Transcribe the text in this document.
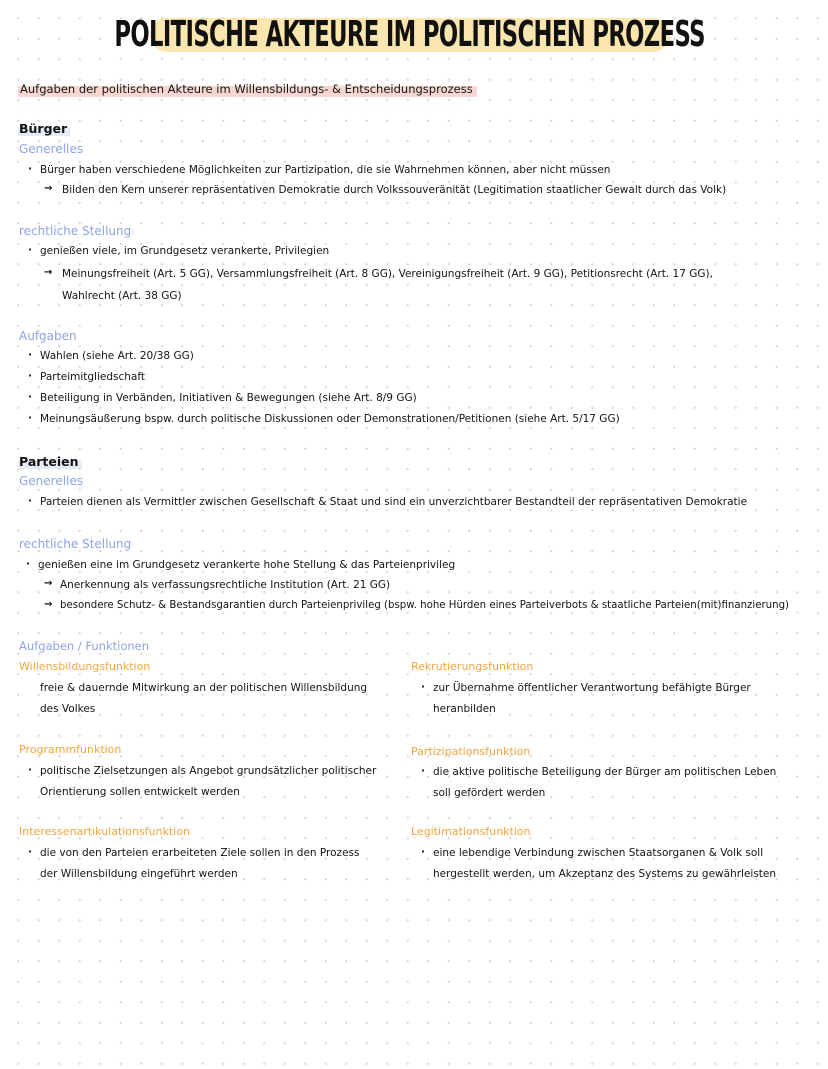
POLITISCHE AKTEURE IM POLITISCHEN PROZESS
Aufgaben der politischen Akteure im Willensbildungs- & Entscheidungsprozess
Bürger
Generelles
· Bürger haben verschiedene Möglichkeiten zur Partizipation, die sie Wahrnehmen können, aber nicht müssen
→ Bilden den Kern unserer repräsentativen Demokratie durch Volkssouveränität (Legitimation staatlicher Gewalt durch das Volk)
rechtliche Stellung
· genießen viele, im Grundgesetz verankerte, Privilegien
→ Meinungsfreiheit (Art. 5 GG), Versammlungsfreiheit (Art. 8 GG), Vereinigungsfreiheit (Art. 9 GG), Petitionsrecht (Art. 17 GG),
Wahlrecht (Art. 38 GG)
Aufgaben
· Wahlen (siehe Art. 20/38 GG)
· Parteimitgliedschaft
· Beteiligung in Verbänden, Initiativen & Bewegungen (siehe Art. 8/9 GG)
· Meinungsäußerung bspw. durch politische Diskussionen oder Demonstrationen/Petitionen (siehe Art. 5/17 GG)
Parteien
Generelles
· Parteien dienen als Vermittler zwischen Gesellschaft & Staat und sind ein unverzichtbarer Bestandteil der repräsentativen Demokratie
rechtliche Stellung
· genießen eine im Grundgesetz verankerte hohe Stellung & das Parteienprivileg
→ Anerkennung als verfassungsrechtliche Institution (Art. 21 GG)
→ besondere Schutz- & Bestandsgarantien durch Parteienprivileg (bspw. hohe Hürden eines Parteiverbots & staatliche Parteien(mit)finanzierung)
Aufgaben / Funktionen
Willensbildungsfunktion
freie & dauernde Mitwirkung an der politischen Willensbildung
des Volkes
Programmfunktion
· politische Zielsetzungen als Angebot grundsätzlicher politischer
Orientierung sollen entwickelt werden
Interessenartikulationsfunktion
· die von den Parteien erarbeiteten Ziele sollen in den Prozess
der Willensbildung eingeführt werden
Rekrutierungsfunktion
· zur Übernahme öffentlicher Verantwortung befähigte Bürger
heranbilden
Partizipationsfunktion
· die aktive politische Beteiligung der Bürger am politischen Leben
soll gefördert werden
Legitimationsfunktion
· eine lebendige Verbindung zwischen Staatsorganen & Volk soll
hergestellt werden, um Akzeptanz des Systems zu gewährleisten
